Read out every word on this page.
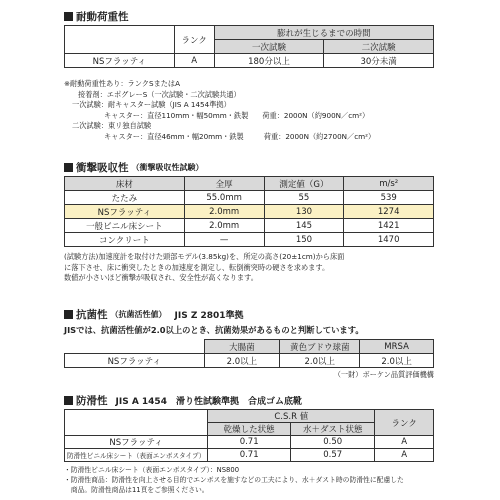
耐動荷重性
	ランク	膨れが生じるまでの時間	
		一次試験	二次試験
NSフラッティ	A	180分以上	30分未満
※耐動荷重性あり：ランクSまたはA
接着剤：エポグレーS（一次試験・二次試験共通）
一次試験：耐キャスター試験（JIS A 1454準拠）
キャスター：直径110mm・幅50mm・鉄製 荷重：2000N（約900N／cm²）
二次試験：東リ独自試験
キャスター：直径46mm・幅20mm・鉄製	荷重：2000N（約2700N／cm²）
衝撃吸収性 （衝撃吸収性試験）
床材	全厚	測定値（G）	m/s²
たたみ	55.0mm	55	539
NSフラッティ	2.0mm	130	1274
一般ビニル床シート	2.0mm	145	1421
コンクリート	—	150	1470
(試験方法)加速度計を取付けた頭部モデル(3.85kg)を、所定の高さ(20±1cm)から床面
に落下させ、床に衝突したときの加速度を測定し、転倒衝突時の硬さを求めます。
数値が小さいほど衝撃が吸収され、安全性が高くなります。
抗菌性 （抗菌活性値） JIS Z 2801準拠
JISでは、抗菌活性値が2.0以上のとき、抗菌効果があるものと判断しています。
	大腸菌	黄色ブドウ球菌	MRSA
NSフラッティ	2.0以上	2.0以上	2.0以上
（一財）ボーケン品質評価機構
防滑性 JIS A 1454　滑り性試験準拠　合成ゴム底靴
	C.S.R 値		ランク
	乾燥した状態	水＋ダスト状態	
NSフラッティ	0.71	0.50	A
防滑性ビニル床シート（表面エンボスタイプ）	0.71	0.57	A
・防滑性ビニル床シート（表面エンボスタイプ）：NS800
・防滑性商品：防滑性を向上させる目的でエンボスを施すなどの工夫により、水＋ダスト時の防滑性に配慮した
　商品。防滑性商品は11頁をご参照ください。
